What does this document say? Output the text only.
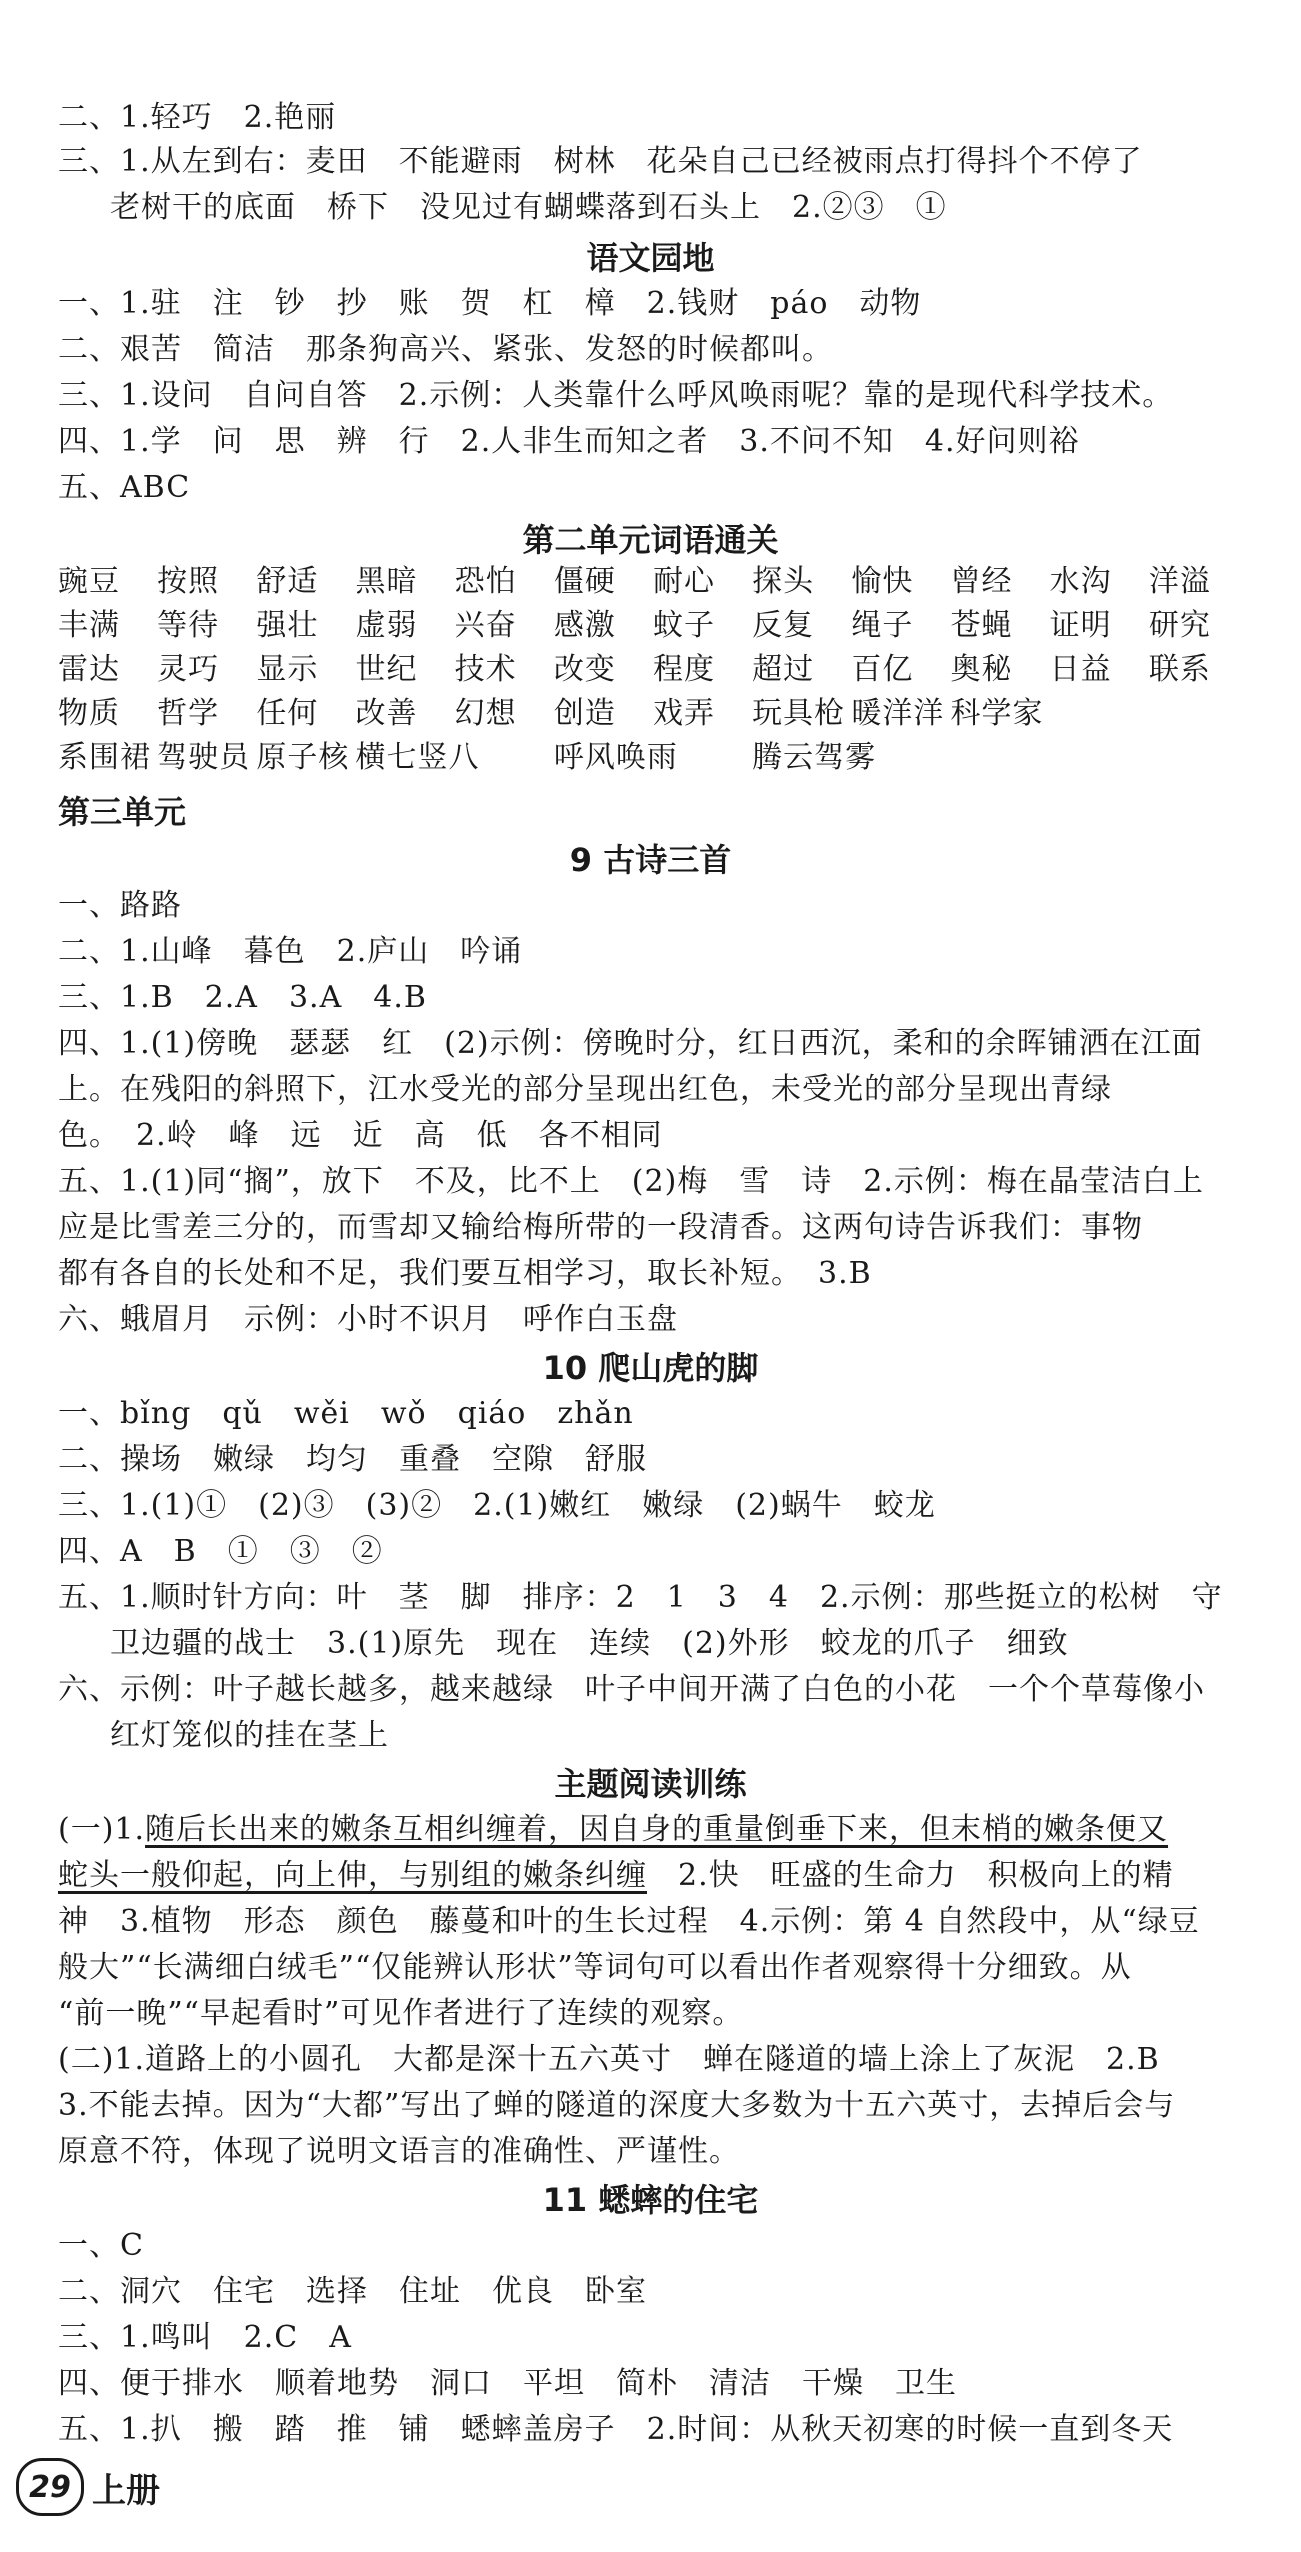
二、1.轻巧　2.艳丽
三、1.从左到右：麦田　不能避雨　树林　花朵自己已经被雨点打得抖个不停了
老树干的底面　桥下　没见过有蝴蝶落到石头上　2.②③　①
语文园地
一、1.驻　注　钞　抄　账　贺　杠　樟　2.钱财　páo　动物
二、艰苦　简洁　那条狗高兴、紧张、发怒的时候都叫。
三、1.设问　自问自答　2.示例：人类靠什么呼风唤雨呢？靠的是现代科学技术。
四、1.学　问　思　辨　行　2.人非生而知之者　3.不问不知　4.好问则裕
五、ABC
第二单元词语通关
豌豆	按照	舒适	黑暗	恐怕	僵硬	耐心	探头	愉快	曾经	水沟	洋溢
丰满	等待	强壮	虚弱	兴奋	感激	蚊子	反复	绳子	苍蝇	证明	研究
雷达	灵巧	显示	世纪	技术	改变	程度	超过	百亿	奥秘	日益	联系
物质	哲学	任何	改善	幻想	创造	戏弄	玩具枪 暖洋洋 科学家
系围裙 驾驶员 原子核 横七竖八	呼风唤雨	腾云驾雾
第三单元
9 古诗三首
一、路路
二、1.山峰　暮色　2.庐山　吟诵
三、1.B　2.A　3.A　4.B
四、1.(1)傍晚　瑟瑟　红　(2)示例：傍晚时分，红日西沉，柔和的余晖铺洒在江面
上。在残阳的斜照下，江水受光的部分呈现出红色，未受光的部分呈现出青绿
色。　2.岭　峰　远　近　高　低　各不相同
五、1.(1)同“搁”，放下　不及，比不上　(2)梅　雪　诗　2.示例：梅在晶莹洁白上
应是比雪差三分的，而雪却又输给梅所带的一段清香。这两句诗告诉我们：事物
都有各自的长处和不足，我们要互相学习，取长补短。　3.B
六、蛾眉月　示例：小时不识月　呼作白玉盘
10 爬山虎的脚
一、bǐng　qǔ　wěi　wǒ　qiáo　zhǎn
二、操场　嫩绿　均匀　重叠　空隙　舒服
三、1.(1)①　(2)③　(3)②　2.(1)嫩红　嫩绿　(2)蜗牛　蛟龙
四、A　B　①　③　②
五、1.顺时针方向：叶　茎　脚　排序：2　1　3　4　2.示例：那些挺立的松树　守
卫边疆的战士　3.(1)原先　现在　连续　(2)外形　蛟龙的爪子　细致
六、示例：叶子越长越多，越来越绿　叶子中间开满了白色的小花　一个个草莓像小
红灯笼似的挂在茎上
主题阅读训练
(一)1.随后长出来的嫩条互相纠缠着，因自身的重量倒垂下来，但末梢的嫩条便又
蛇头一般仰起，向上伸，与别组的嫩条纠缠　2.快　旺盛的生命力　积极向上的精
神　3.植物　形态　颜色　藤蔓和叶的生长过程　4.示例：第 4 自然段中，从“绿豆
般大”“长满细白绒毛”“仅能辨认形状”等词句可以看出作者观察得十分细致。从
“前一晚”“早起看时”可见作者进行了连续的观察。
(二)1.道路上的小圆孔　大都是深十五六英寸　蝉在隧道的墙上涂上了灰泥　2.B
3.不能去掉。因为“大都”写出了蝉的隧道的深度大多数为十五六英寸，去掉后会与
原意不符，体现了说明文语言的准确性、严谨性。
11 蟋蟀的住宅
一、C
二、洞穴　住宅　选择　住址　优良　卧室
三、1.鸣叫　2.C　A
四、便于排水　顺着地势　洞口　平坦　简朴　清洁　干燥　卫生
五、1.扒　搬　踏　推　铺　蟋蟀盖房子　2.时间：从秋天初寒的时候一直到冬天
29 上册
